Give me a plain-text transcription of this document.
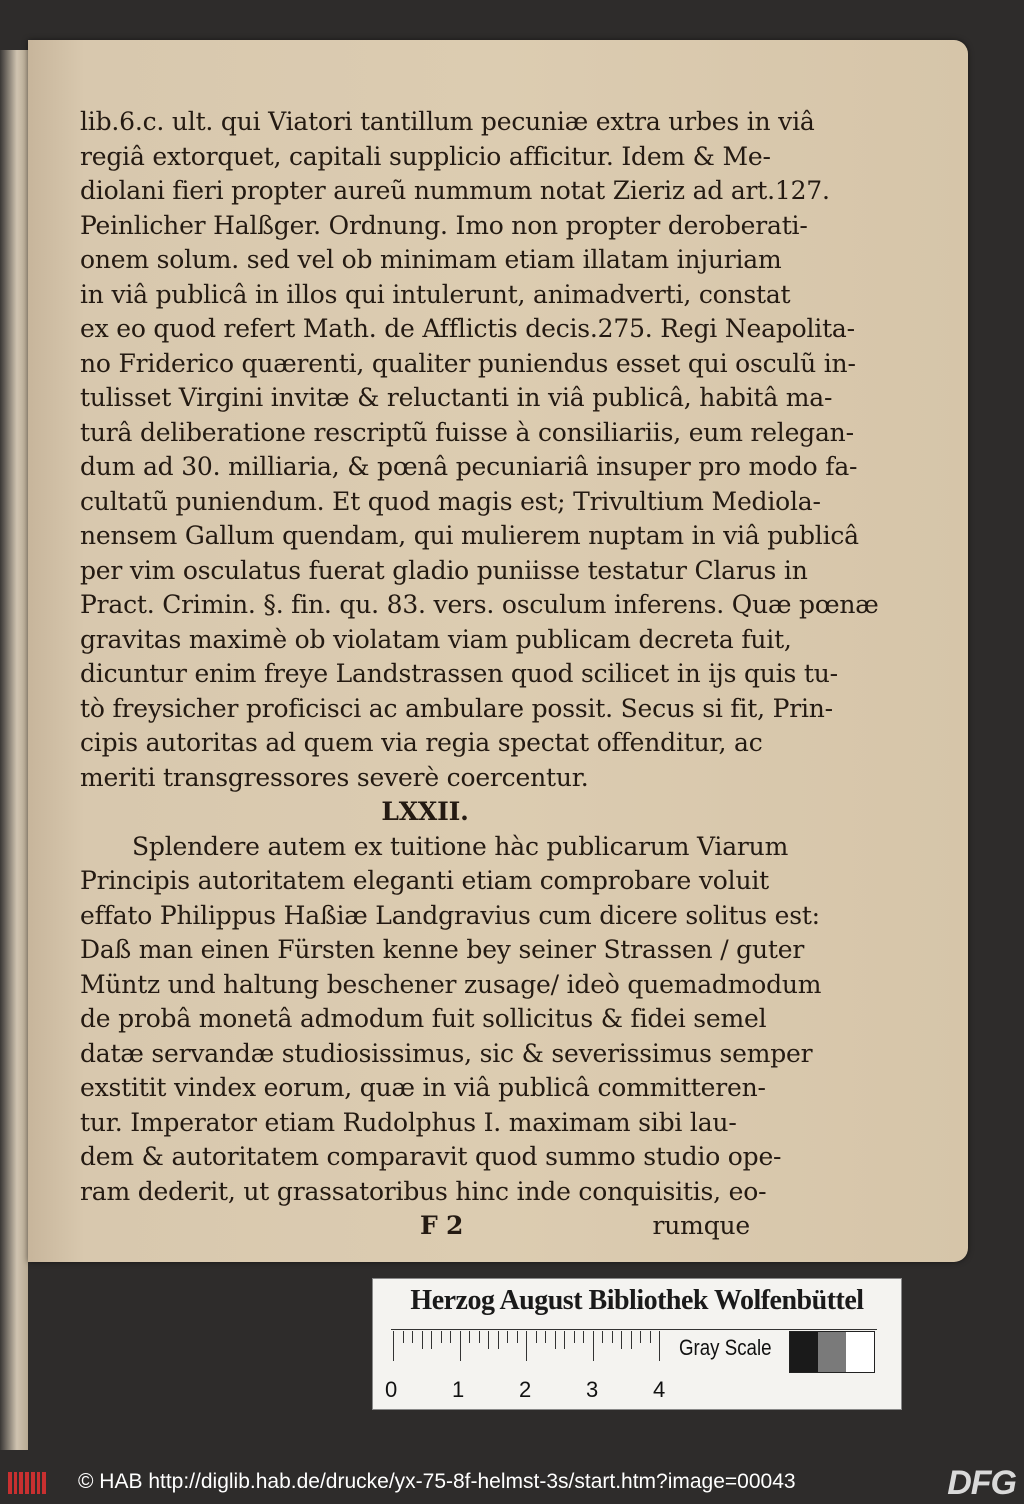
lib.6.c. ult. qui Viatori tantillum pecuniæ extra urbes in viâ
regiâ extorquet, capitali supplicio afficitur. Idem & Me-
diolani fieri propter aureũ nummum notat Zieriz ad art.127.
Peinlicher Halßger. Ordnung. Imo non propter deroberati-
onem solum. sed vel ob minimam etiam illatam injuriam
in viâ publicâ in illos qui intulerunt, animadverti, constat
ex eo quod refert Math. de Afflictis decis.275. Regi Neapolita-
no Friderico quærenti, qualiter puniendus esset qui osculũ in-
tulisset Virgini invitæ & reluctanti in viâ publicâ, habitâ ma-
turâ deliberatione rescriptũ fuisse à consiliariis, eum relegan-
dum ad 30. milliaria, & pœnâ pecuniariâ insuper pro modo fa-
cultatũ puniendum. Et quod magis est; Trivultium Mediola-
nensem Gallum quendam, qui mulierem nuptam in viâ publicâ
per vim osculatus fuerat gladio puniisse testatur Clarus in
Pract. Crimin. §. fin. qu. 83. vers. osculum inferens. Quæ pœnæ
gravitas maximè ob violatam viam publicam decreta fuit,
dicuntur enim freye Landstrassen quod scilicet in ijs quis tu-
tò freysicher proficisci ac ambulare possit. Secus si fit, Prin-
cipis autoritas ad quem via regia spectat offenditur, ac
meriti transgressores severè coercentur.
LXXII.
Splendere autem ex tuitione hàc publicarum Viarum
Principis autoritatem eleganti etiam comprobare voluit
effato Philippus Haßiæ Landgravius cum dicere solitus est:
Daß man einen Fürsten kenne bey seiner Strassen / guter
Müntz und haltung beschener zusage/ ideò quemadmodum
de probâ monetâ admodum fuit sollicitus & fidei semel
datæ servandæ studiosissimus, sic & severissimus semper
exstitit vindex eorum, quæ in viâ publicâ committeren-
tur. Imperator etiam Rudolphus I. maximam sibi lau-
dem & autoritatem comparavit quod summo studio ope-
ram dederit, ut grassatoribus hinc inde conquisitis, eo-
F 2	rumque
Herzog August Bibliothek Wolfenbüttel
0 1 2 3 4
Gray Scale
© HAB http://diglib.hab.de/drucke/yx-75-8f-helmst-3s/start.htm?image=00043	DFG
